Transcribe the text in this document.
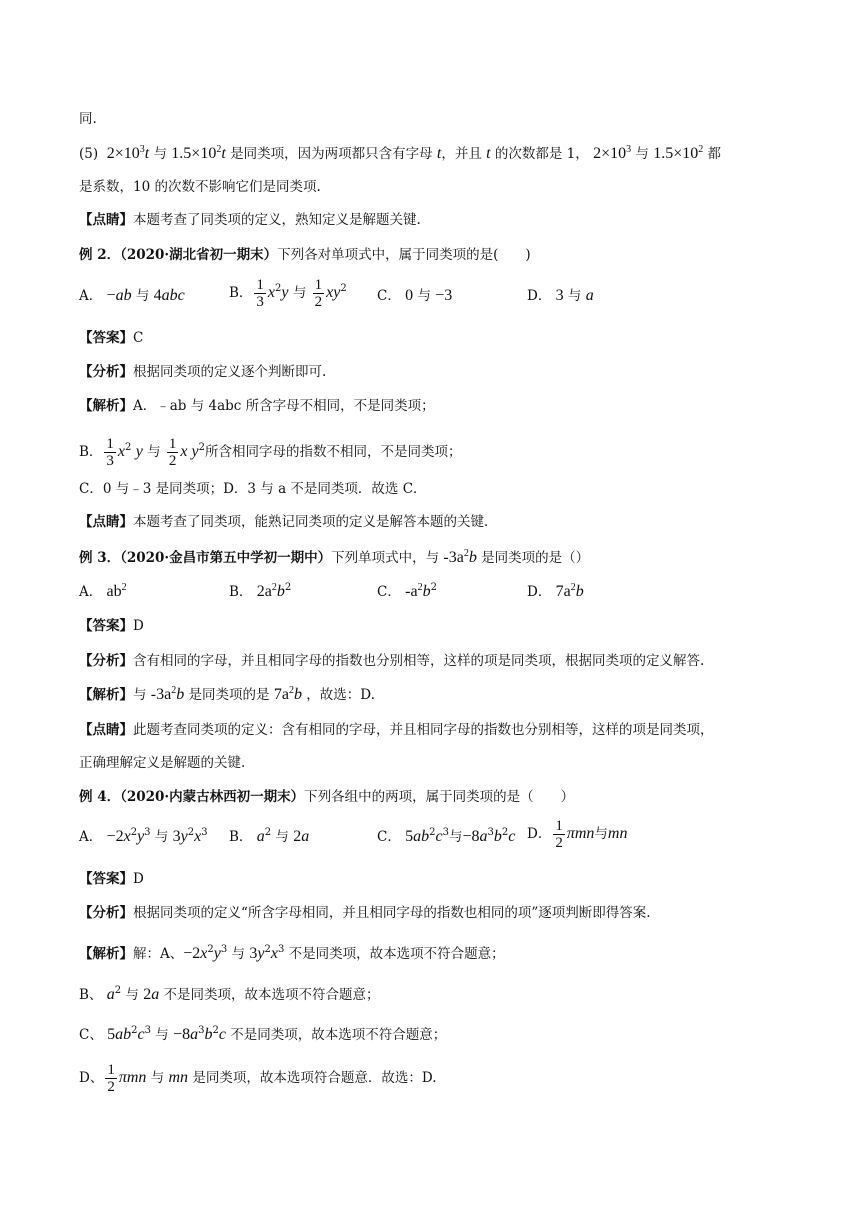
同.
(5) $2\times 10^3t$ 与 $1.5\times 10^2t$ 是同类项，因为两项都只含有字母 t，并且 t 的次数都是 1， $2\times 10^3$ 与 $1.5\times 10^2$ 都
是系数，10 的次数不影响它们是同类项.
【点睛】本题考查了同类项的定义，熟知定义是解题关键.
例 2．（2020·湖北省初一期末）下列各对单项式中，属于同类项的是(　　)
A． −ab 与 4abc	B． $\frac{1}{3} x^2y$ 与 $\frac{1}{2} xy^2$ C． 0 与 −3	D． 3 与 a
【答案】C
【分析】根据同类项的定义逐个判断即可.
【解析】A．﹣ab 与 4abc 所含字母不相同，不是同类项；
B． $\frac{1}{3} x^2$ y 与 $\frac{1}{2}$ x $y^2$所含相同字母的指数不相同，不是同类项；
C．0 与﹣3 是同类项；D．3 与 a 不是同类项．故选 C．
【点睛】本题考查了同类项，能熟记同类项的定义是解答本题的关键．
例 3．（2020·金昌市第五中学初一期中）下列单项式中，与 $-3a^2b$ 是同类项的是（）
A． $ab^2$	B． $2a^2b^2$	C． $-a^2b^2$	D． $7a^2b$
【答案】D
【分析】含有相同的字母，并且相同字母的指数也分别相等，这样的项是同类项，根据同类项的定义解答.
【解析】与 $-3a^2b$ 是同类项的是 $7a^2b$ ，故选：D.
【点睛】此题考查同类项的定义：含有相同的字母，并且相同字母的指数也分别相等，这样的项是同类项，
正确理解定义是解题的关键.
例 4．（2020·内蒙古林西初一期末）下列各组中的两项，属于同类项的是（　　）
A． $-2x^2y^3$ 与 $3y^2x^3$ B． $a^2$ 与 2a	C． $5ab^2c^3$与$-8a^3b^2c$ D． $\frac{1}{2}$ πmn与mn
【答案】D
【分析】根据同类项的定义“所含字母相同，并且相同字母的指数也相同的项”逐项判断即得答案.
【解析】解：A、$-2x^2y^3$ 与 $3y^2x^3$ 不是同类项，故本选项不符合题意；
B、 $a^2$ 与 2a 不是同类项，故本选项不符合题意；
C、 $5ab^2c^3$ 与 $-8a^3b^2c$ 不是同类项，故本选项不符合题意；
D、 $\frac{1}{2}$ πmn 与 mn 是同类项，故本选项符合题意．故选：D.
